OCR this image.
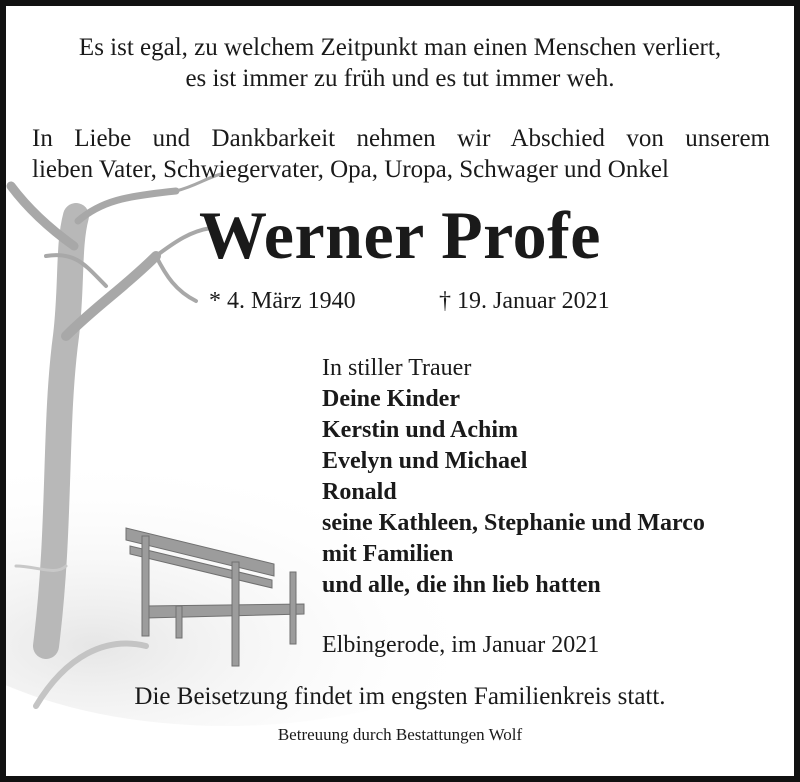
Es ist egal, zu welchem Zeitpunkt man einen Menschen verliert,
es ist immer zu früh und es tut immer weh.
In Liebe und Dankbarkeit nehmen wir Abschied von unserem
lieben Vater, Schwiegervater, Opa, Uropa, Schwager und Onkel
Werner Profe
* 4. März 1940	† 19. Januar 2021
In stiller Trauer
Deine Kinder
Kerstin und Achim
Evelyn und Michael
Ronald
seine Kathleen, Stephanie und Marco
mit Familien
und alle, die ihn lieb hatten
Elbingerode, im Januar 2021
Die Beisetzung findet im engsten Familienkreis statt.
Betreuung durch Bestattungen Wolf
